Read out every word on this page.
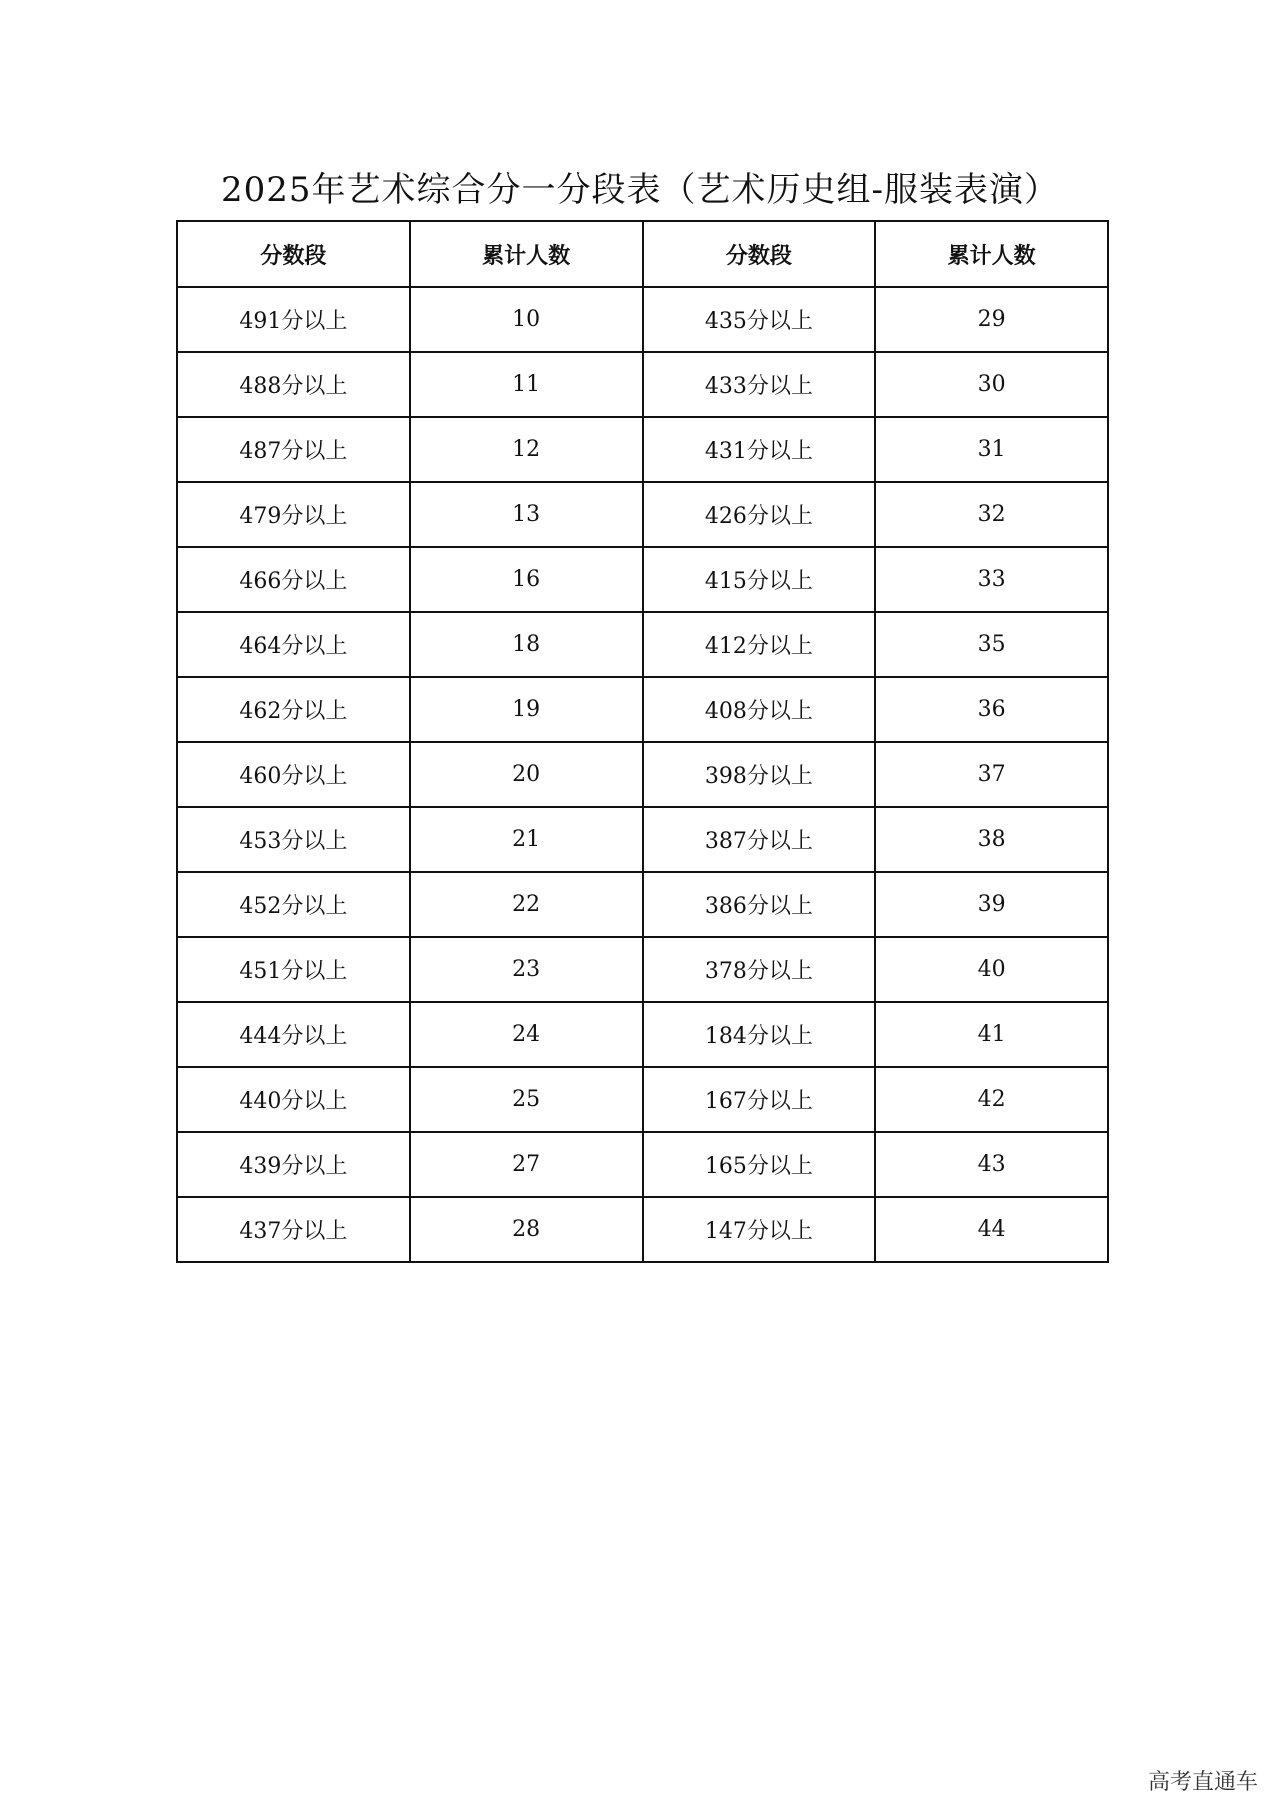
2025年艺术综合分一分段表（艺术历史组-服装表演）
分数段	累计人数	分数段	累计人数
491分以上	10	435分以上	29
488分以上	11	433分以上	30
487分以上	12	431分以上	31
479分以上	13	426分以上	32
466分以上	16	415分以上	33
464分以上	18	412分以上	35
462分以上	19	408分以上	36
460分以上	20	398分以上	37
453分以上	21	387分以上	38
452分以上	22	386分以上	39
451分以上	23	378分以上	40
444分以上	24	184分以上	41
440分以上	25	167分以上	42
439分以上	27	165分以上	43
437分以上	28	147分以上	44
高考直通车
